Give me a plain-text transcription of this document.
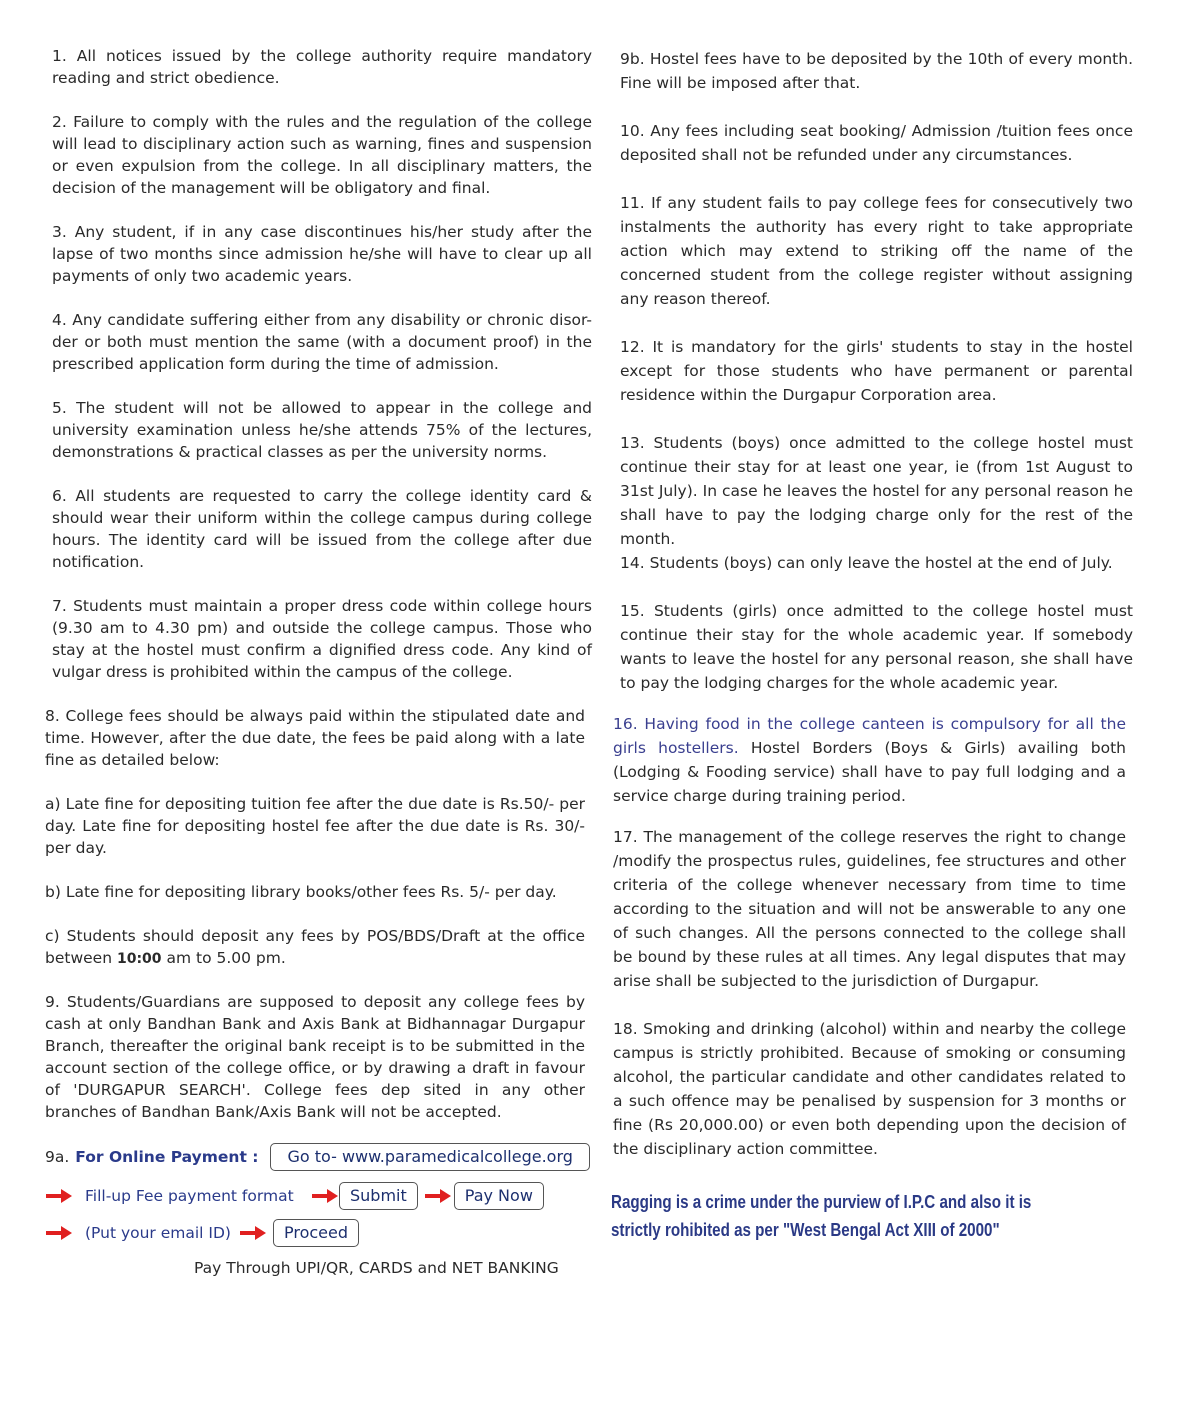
1. All notices issued by the college authority require mandatory reading and strict obedience.

2. Failure to comply with the rules and the regulation of the college will lead to disciplinary action such as warning, fines and suspension or even expulsion from the college. In all disciplinary matters, the decision of the management will be obligatory and final.

3. Any student, if in any case discontinues his/her study after the lapse of two months since admission he/she will have to clear up all payments of only two academic years.

4. Any candidate suffering either from any disability or chronic disor-der or both must mention the same (with a document proof) in the prescribed application form during the time of admission.

5. The student will not be allowed to appear in the college and university examination unless he/she attends 75% of the lectures, demonstrations & practical classes as per the university norms.

6. All students are requested to carry the college identity card & should wear their uniform within the college campus during college hours. The identity card will be issued from the college after due notification.

7. Students must maintain a proper dress code within college hours (9.30 am to 4.30 pm) and outside the college campus. Those who stay at the hostel must confirm a dignified dress code. Any kind of vulgar dress is prohibited within the campus of the college.

8. College fees should be always paid within the stipulated date and time. However, after the due date, the fees be paid along with a late fine as detailed below:

a) Late fine for depositing tuition fee after the due date is Rs.50/- per day. Late fine for depositing hostel fee after the due date is Rs. 30/- per day.

b) Late fine for depositing library books/other fees Rs. 5/- per day.

c) Students should deposit any fees by POS/BDS/Draft at the office between 10:00 am to 5.00 pm.

9. Students/Guardians are supposed to deposit any college fees by cash at only Bandhan Bank and Axis Bank at Bidhannagar Durgapur Branch, thereafter the original bank receipt is to be submitted in the account section of the college office, or by drawing a draft in favour of 'DURGAPUR SEARCH'. College fees dep sited in any other branches of Bandhan Bank/Axis Bank will not be accepted.

9a. For Online Payment :	Go to- www.paramedicalcollege.org
Fill-up Fee payment format	Submit	Pay Now
(Put your email ID)	Proceed

Pay Through UPI/QR, CARDS and NET BANKING

9b. Hostel fees have to be deposited by the 10th of every month. Fine will be imposed after that.

10. Any fees including seat booking/ Admission /tuition fees once deposited shall not be refunded under any circumstances.

11. If any student fails to pay college fees for consecutively two instalments the authority has every right to take appropriate action which may extend to striking off the name of the concerned student from the college register without assigning any reason thereof.

12. It is mandatory for the girls' students to stay in the hostel except for those students who have permanent or parental residence within the Durgapur Corporation area.

13. Students (boys) once admitted to the college hostel must continue their stay for at least one year, ie (from 1st August to 31st July). In case he leaves the hostel for any personal reason he shall have to pay the lodging charge only for the rest of the month.

14. Students (boys) can only leave the hostel at the end of July.

15. Students (girls) once admitted to the college hostel must continue their stay for the whole academic year. If somebody wants to leave the hostel for any personal reason, she shall have to pay the lodging charges for the whole academic year.

16. Having food in the college canteen is compulsory for all the girls hostellers. Hostel Borders (Boys & Girls) availing both (Lodging & Fooding service) shall have to pay full lodging and a service charge during training period.

17. The management of the college reserves the right to change /modify the prospectus rules, guidelines, fee structures and other criteria of the college whenever necessary from time to time according to the situation and will not be answerable to any one of such changes. All the persons connected to the college shall be bound by these rules at all times. Any legal disputes that may arise shall be subjected to the jurisdiction of Durgapur.

18. Smoking and drinking (alcohol) within and nearby the college campus is strictly prohibited. Because of smoking or consuming alcohol, the particular candidate and other candidates related to a such offence may be penalised by suspension for 3 months or fine (Rs 20,000.00) or even both depending upon the decision of the disciplinary action committee.

Ragging is a crime under the purview of I.P.C and also it is strictly rohibited as per "West Bengal Act XIII of 2000"
